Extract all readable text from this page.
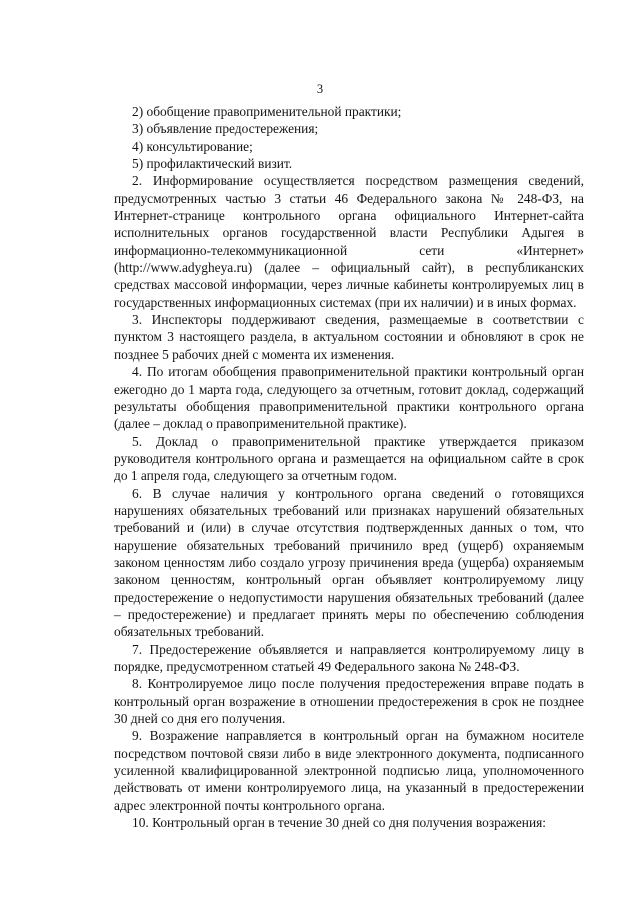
3

2) обобщение правоприменительной практики;

3) объявление предостережения;

4) консультирование;

5) профилактический визит.

2. Информирование осуществляется посредством размещения сведений, предусмотренных частью 3 статьи 46 Федерального закона № 248-ФЗ, на Интернет-странице контрольного органа официального Интернет-сайта исполнительных органов государственной власти Республики Адыгея в информационно-телекоммуникационной сети «Интернет» (http://www.adygheya.ru) (далее – официальный сайт), в республиканских средствах массовой информации, через личные кабинеты контролируемых лиц в государственных информационных системах (при их наличии) и в иных формах.

3. Инспекторы поддерживают сведения, размещаемые в соответствии с пунктом 3 настоящего раздела, в актуальном состоянии и обновляют в срок не позднее 5 рабочих дней с момента их изменения.

4. По итогам обобщения правоприменительной практики контрольный орган ежегодно до 1 марта года, следующего за отчетным, готовит доклад, содержащий результаты обобщения правоприменительной практики контрольного органа (далее – доклад о правоприменительной практике).

5. Доклад о правоприменительной практике утверждается приказом руководителя контрольного органа и размещается на официальном сайте в срок до 1 апреля года, следующего за отчетным годом.

6. В случае наличия у контрольного органа сведений о готовящихся нарушениях обязательных требований или признаках нарушений обязательных требований и (или) в случае отсутствия подтвержденных данных о том, что нарушение обязательных требований причинило вред (ущерб) охраняемым законом ценностям либо создало угрозу причинения вреда (ущерба) охраняемым законом ценностям, контрольный орган объявляет контролируемому лицу предостережение о недопустимости нарушения обязательных требований (далее – предостережение) и предлагает принять меры по обеспечению соблюдения обязательных требований.

7. Предостережение объявляется и направляется контролируемому лицу в порядке, предусмотренном статьей 49 Федерального закона № 248-ФЗ.

8. Контролируемое лицо после получения предостережения вправе подать в контрольный орган возражение в отношении предостережения в срок не позднее 30 дней со дня его получения.

9. Возражение направляется в контрольный орган на бумажном носителе посредством почтовой связи либо в виде электронного документа, подписанного усиленной квалифицированной электронной подписью лица, уполномоченного действовать от имени контролируемого лица, на указанный в предостережении адрес электронной почты контрольного органа.

10. Контрольный орган в течение 30 дней со дня получения возражения:
